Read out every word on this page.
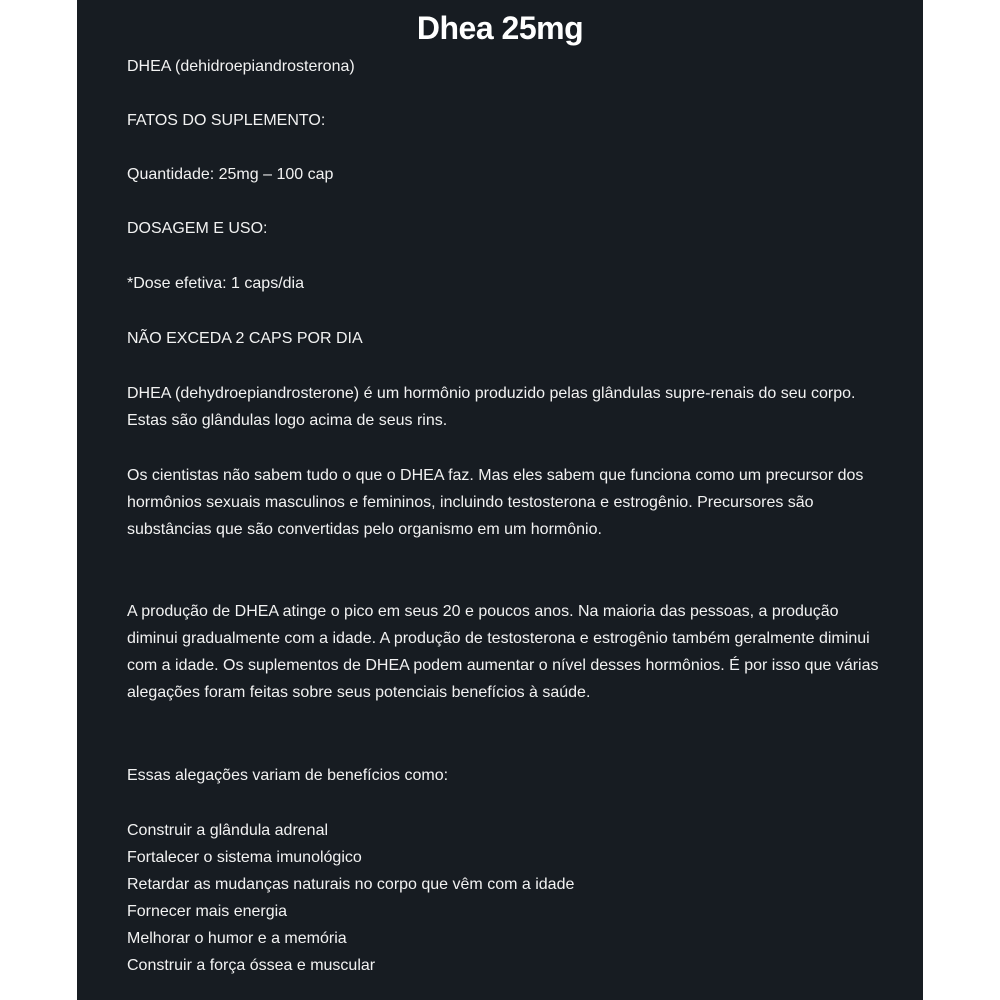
Dhea 25mg
DHEA (dehidroepiandrosterona)
FATOS DO SUPLEMENTO:
Quantidade: 25mg – 100 cap
DOSAGEM E USO:
*Dose efetiva: 1 caps/dia
NÃO EXCEDA 2 CAPS POR DIA
DHEA (dehydroepiandrosterone) é um hormônio produzido pelas glândulas supre-renais do seu corpo. Estas são glândulas logo acima de seus rins.
Os cientistas não sabem tudo o que o DHEA faz. Mas eles sabem que funciona como um precursor dos hormônios sexuais masculinos e femininos, incluindo testosterona e estrogênio. Precursores são substâncias que são convertidas pelo organismo em um hormônio.
A produção de DHEA atinge o pico em seus 20 e poucos anos. Na maioria das pessoas, a produção diminui gradualmente com a idade. A produção de testosterona e estrogênio também geralmente diminui com a idade. Os suplementos de DHEA podem aumentar o nível desses hormônios. É por isso que várias alegações foram feitas sobre seus potenciais benefícios à saúde.
Essas alegações variam de benefícios como:
Construir a glândula adrenal
Fortalecer o sistema imunológico
Retardar as mudanças naturais no corpo que vêm com a idade
Fornecer mais energia
Melhorar o humor e a memória
Construir a força óssea e muscular
